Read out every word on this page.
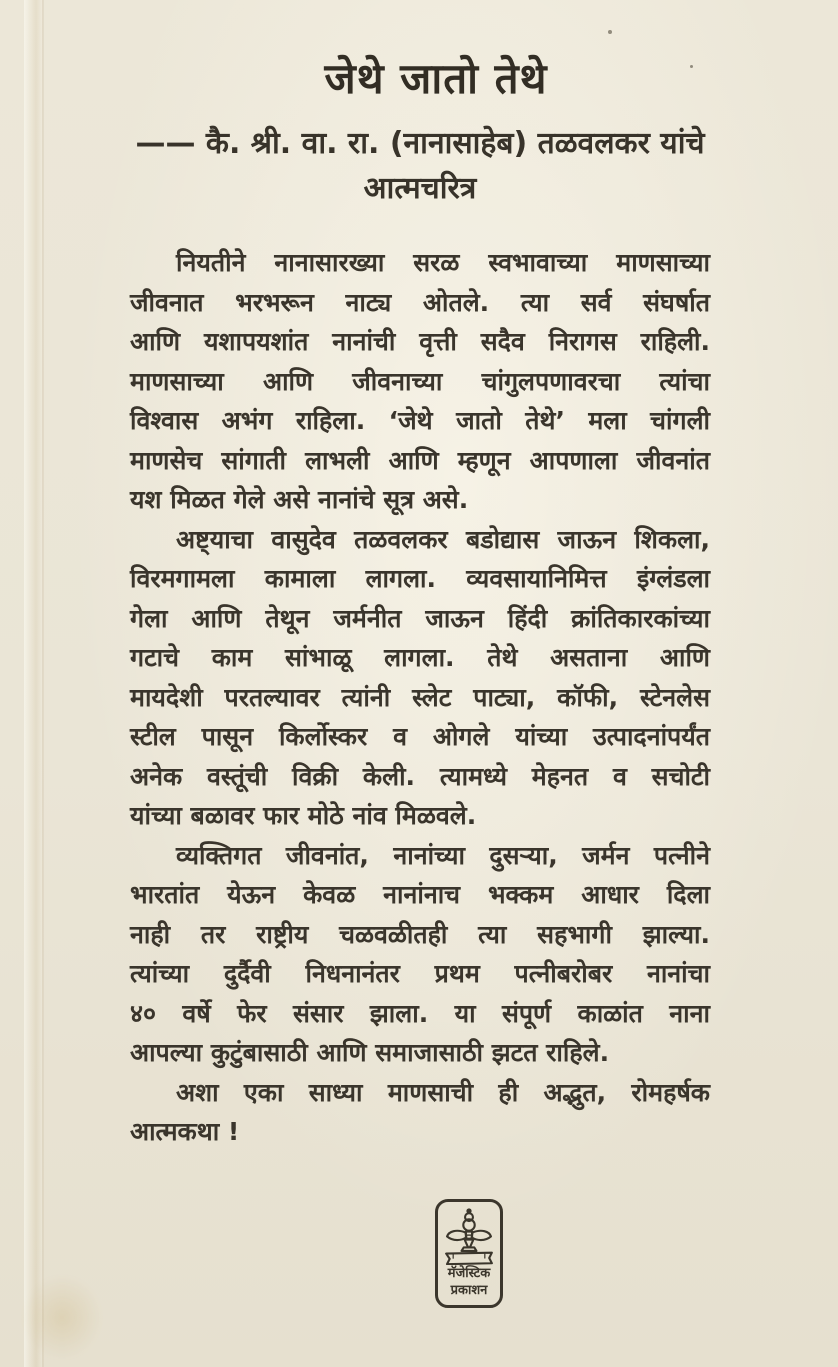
जेथे जातो तेथे
—— कै. श्री. वा. रा. (नानासाहेब) तळवलकर यांचे
आत्मचरित्र
नियतीने नानासारख्या सरळ स्वभावाच्या माणसाच्या
जीवनात भरभरून नाट्य ओतले. त्या सर्व संघर्षात
आणि यशापयशांत नानांची वृत्ती सदैव निरागस राहिली.
माणसाच्या आणि जीवनाच्या चांगुलपणावरचा त्यांचा
विश्वास अभंग राहिला. ‘जेथे जातो तेथे’ मला चांगली
माणसेच सांगाती लाभली आणि म्हणून आपणाला जीवनांत
यश मिळत गेले असे नानांचे सूत्र असे.
अष्ट्याचा वासुदेव तळवलकर बडोद्यास जाऊन शिकला,
विरमगामला कामाला लागला. व्यवसायानिमित्त इंग्लंडला
गेला आणि तेथून जर्मनीत जाऊन हिंदी क्रांतिकारकांच्या
गटाचे काम सांभाळू लागला. तेथे असताना आणि
मायदेशी परतल्यावर त्यांनी स्लेट पाट्या, कॉफी, स्टेनलेस
स्टील पासून किर्लोस्कर व ओगले यांच्या उत्पादनांपर्यंत
अनेक वस्तूंची विक्री केली. त्यामध्ये मेहनत व सचोटी
यांच्या बळावर फार मोठे नांव मिळवले.
व्यक्तिगत जीवनांत, नानांच्या दुसऱ्या, जर्मन पत्नीने
भारतांत येऊन केवळ नानांनाच भक्कम आधार दिला
नाही तर राष्ट्रीय चळवळीतही त्या सहभागी झाल्या.
त्यांच्या दुर्दैवी निधनानंतर प्रथम पत्नीबरोबर नानांचा
४० वर्षे फेर संसार झाला. या संपूर्ण काळांत नाना
आपल्या कुटुंबासाठी आणि समाजासाठी झटत राहिले.
अशा एका साध्या माणसाची ही अद्भुत, रोमहर्षक
आत्मकथा !
मॅजेस्टिक
प्रकाशन
